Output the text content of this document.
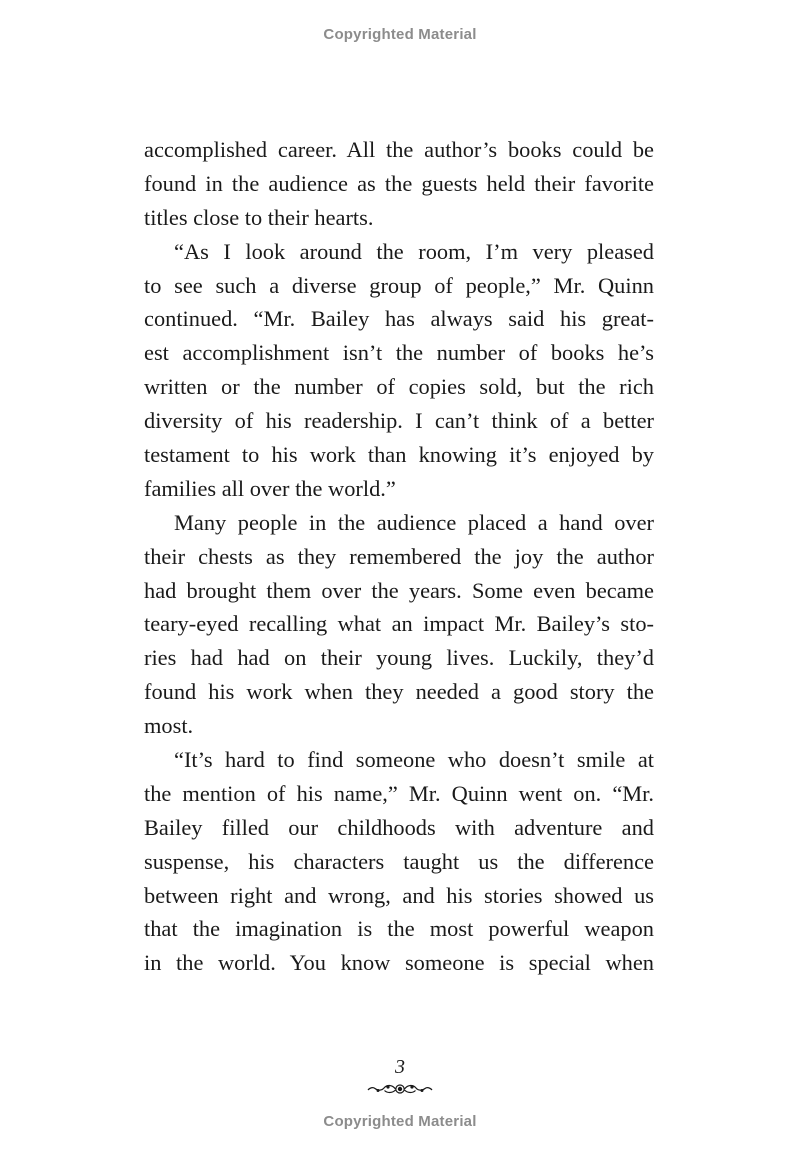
Copyrighted Material
accomplished career. All the author’s books could be
found in the audience as the guests held their favorite
titles close to their hearts.
“As I look around the room, I’m very pleased
to see such a diverse group of people,” Mr. Quinn
continued. “Mr. Bailey has always said his great-
est accomplishment isn’t the number of books he’s
written or the number of copies sold, but the rich
diversity of his readership. I can’t think of a better
testament to his work than knowing it’s enjoyed by
families all over the world.”
Many people in the audience placed a hand over
their chests as they remembered the joy the author
had brought them over the years. Some even became
teary-eyed recalling what an impact Mr. Bailey’s sto-
ries had had on their young lives. Luckily, they’d
found his work when they needed a good story the
most.
“It’s hard to find someone who doesn’t smile at
the mention of his name,” Mr. Quinn went on. “Mr.
Bailey filled our childhoods with adventure and
suspense, his characters taught us the difference
between right and wrong, and his stories showed us
that the imagination is the most powerful weapon
in the world. You know someone is special when
3
Copyrighted Material
